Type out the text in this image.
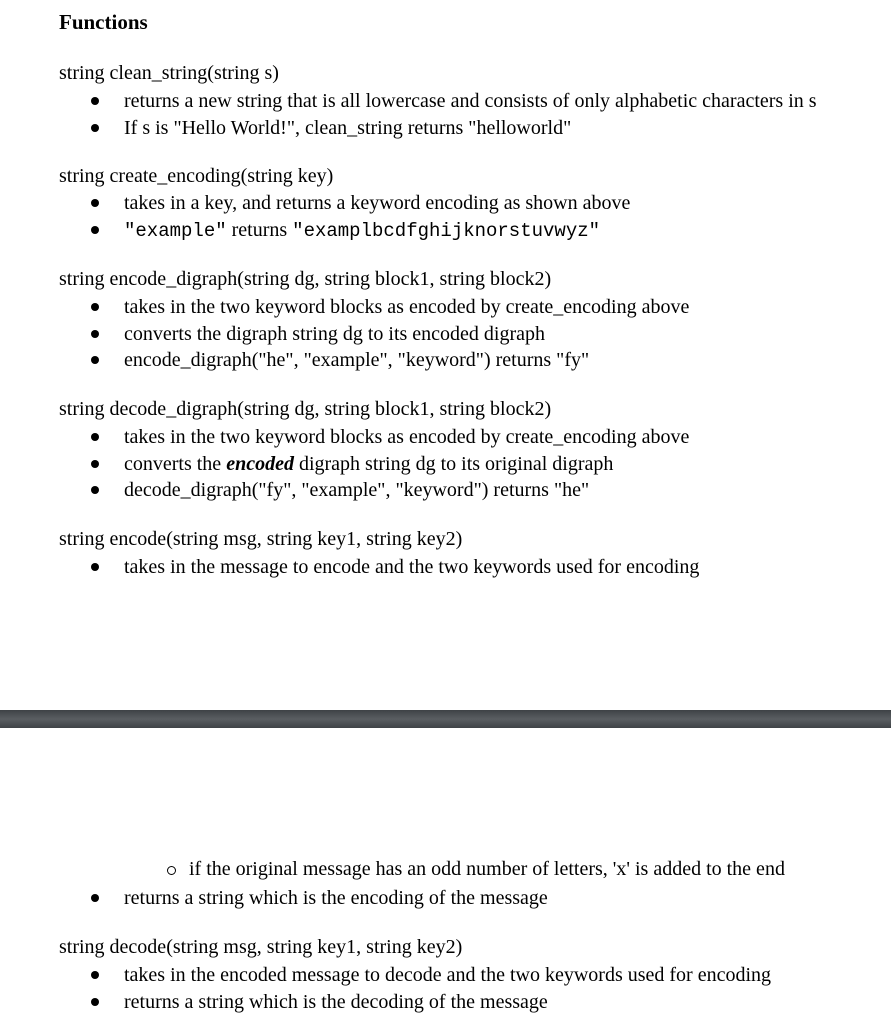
Functions
string clean_string(string s)
returns a new string that is all lowercase and consists of only alphabetic characters in s
If s is "Hello World!", clean_string returns "helloworld"
string create_encoding(string key)
takes in a key, and returns a keyword encoding as shown above
"example" returns "examplbcdfghijknorstuvwyz"
string encode_digraph(string dg, string block1, string block2)
takes in the two keyword blocks as encoded by create_encoding above
converts the digraph string dg to its encoded digraph
encode_digraph("he", "example", "keyword") returns "fy"
string decode_digraph(string dg, string block1, string block2)
takes in the two keyword blocks as encoded by create_encoding above
converts the encoded digraph string dg to its original digraph
decode_digraph("fy", "example", "keyword") returns "he"
string encode(string msg, string key1, string key2)
takes in the message to encode and the two keywords used for encoding
if the original message has an odd number of letters, 'x' is added to the end
returns a string which is the encoding of the message
string decode(string msg, string key1, string key2)
takes in the encoded message to decode and the two keywords used for encoding
returns a string which is the decoding of the message
